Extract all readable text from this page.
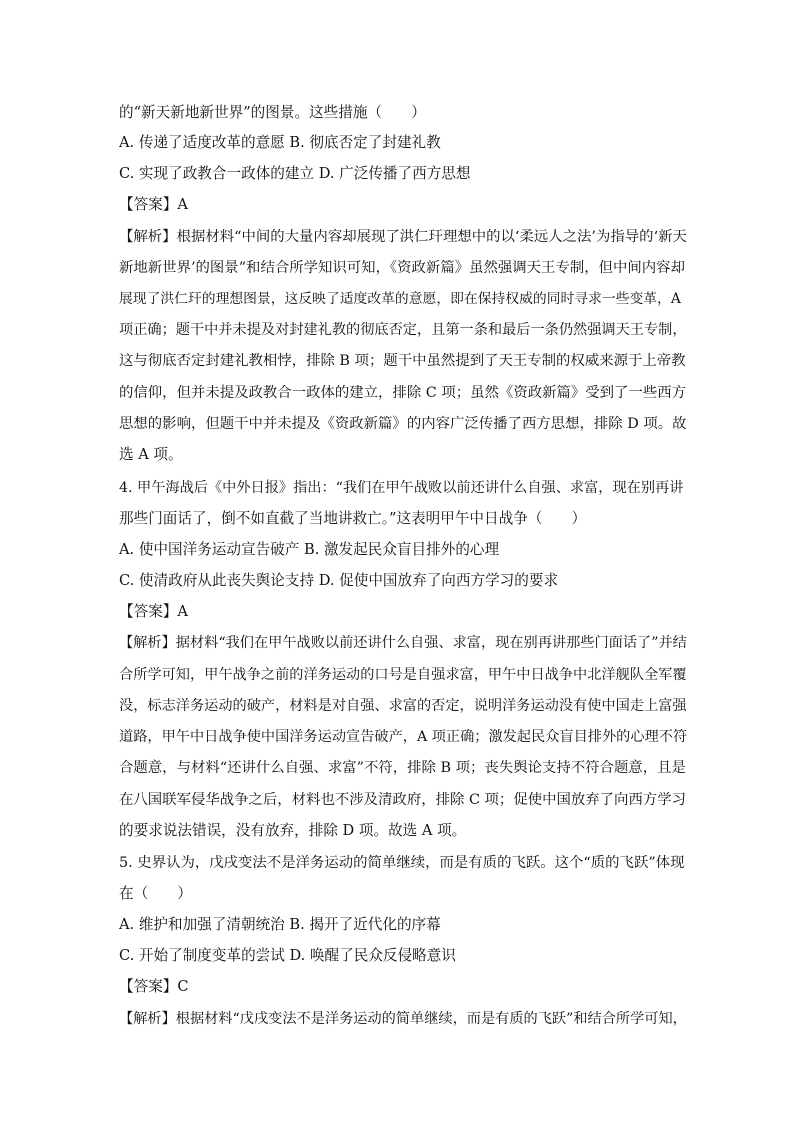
的“新天新地新世界”的图景。这些措施（　　）
A. 传递了适度改革的意愿 B. 彻底否定了封建礼教
C. 实现了政教合一政体的建立 D. 广泛传播了西方思想
【答案】A
【解析】根据材料“中间的大量内容却展现了洪仁玕理想中的以‘柔远人之法’为指导的‘新天
新地新世界’的图景”和结合所学知识可知，《资政新篇》虽然强调天王专制，但中间内容却
展现了洪仁玕的理想图景，这反映了适度改革的意愿，即在保持权威的同时寻求一些变革，A
项正确；题干中并未提及对封建礼教的彻底否定，且第一条和最后一条仍然强调天王专制，
这与彻底否定封建礼教相悖，排除 B 项；题干中虽然提到了天王专制的权威来源于上帝教
的信仰，但并未提及政教合一政体的建立，排除 C 项；虽然《资政新篇》受到了一些西方
思想的影响，但题干中并未提及《资政新篇》的内容广泛传播了西方思想，排除 D 项。故
选 A 项。
4. 甲午海战后《中外日报》指出：“我们在甲午战败以前还讲什么自强、求富，现在别再讲
那些门面话了，倒不如直截了当地讲救亡。”这表明甲午中日战争（　　）
A. 使中国洋务运动宣告破产 B. 激发起民众盲目排外的心理
C. 使清政府从此丧失舆论支持 D. 促使中国放弃了向西方学习的要求
【答案】A
【解析】据材料“我们在甲午战败以前还讲什么自强、求富，现在别再讲那些门面话了”并结
合所学可知，甲午战争之前的洋务运动的口号是自强求富，甲午中日战争中北洋舰队全军覆
没，标志洋务运动的破产，材料是对自强、求富的否定，说明洋务运动没有使中国走上富强
道路，甲午中日战争使中国洋务运动宣告破产，A 项正确；激发起民众盲目排外的心理不符
合题意，与材料“还讲什么自强、求富”不符，排除 B 项；丧失舆论支持不符合题意，且是
在八国联军侵华战争之后，材料也不涉及清政府，排除 C 项；促使中国放弃了向西方学习
的要求说法错误，没有放弃，排除 D 项。故选 A 项。
5. 史界认为，戊戌变法不是洋务运动的简单继续，而是有质的飞跃。这个“质的飞跃”体现
在（　　）
A. 维护和加强了清朝统治 B. 揭开了近代化的序幕
C. 开始了制度变革的尝试 D. 唤醒了民众反侵略意识
【答案】C
【解析】根据材料“戊戌变法不是洋务运动的简单继续，而是有质的飞跃”和结合所学可知，
